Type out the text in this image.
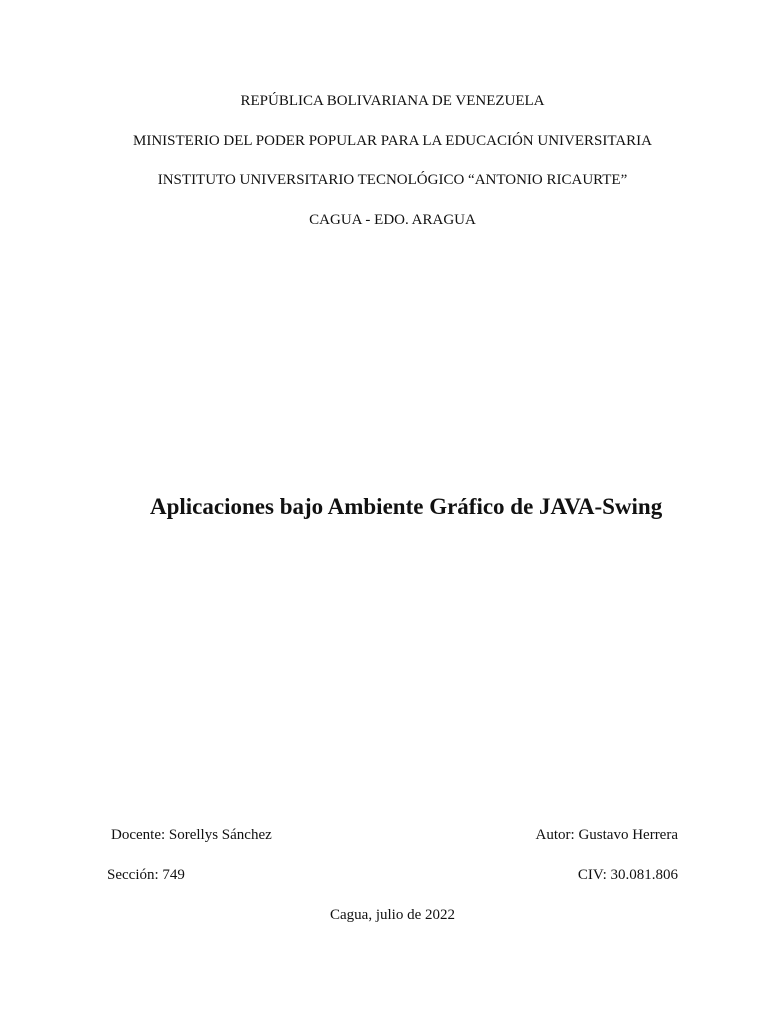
REPÚBLICA BOLIVARIANA DE VENEZUELA
MINISTERIO DEL PODER POPULAR PARA LA EDUCACIÓN UNIVERSITARIA
INSTITUTO UNIVERSITARIO TECNOLÓGICO “ANTONIO RICAURTE”
CAGUA - EDO. ARAGUA
Aplicaciones bajo Ambiente Gráfico de JAVA-Swing
Docente: Sorellys Sánchez
Sección: 749
Autor: Gustavo Herrera
CIV: 30.081.806
Cagua, julio de 2022
